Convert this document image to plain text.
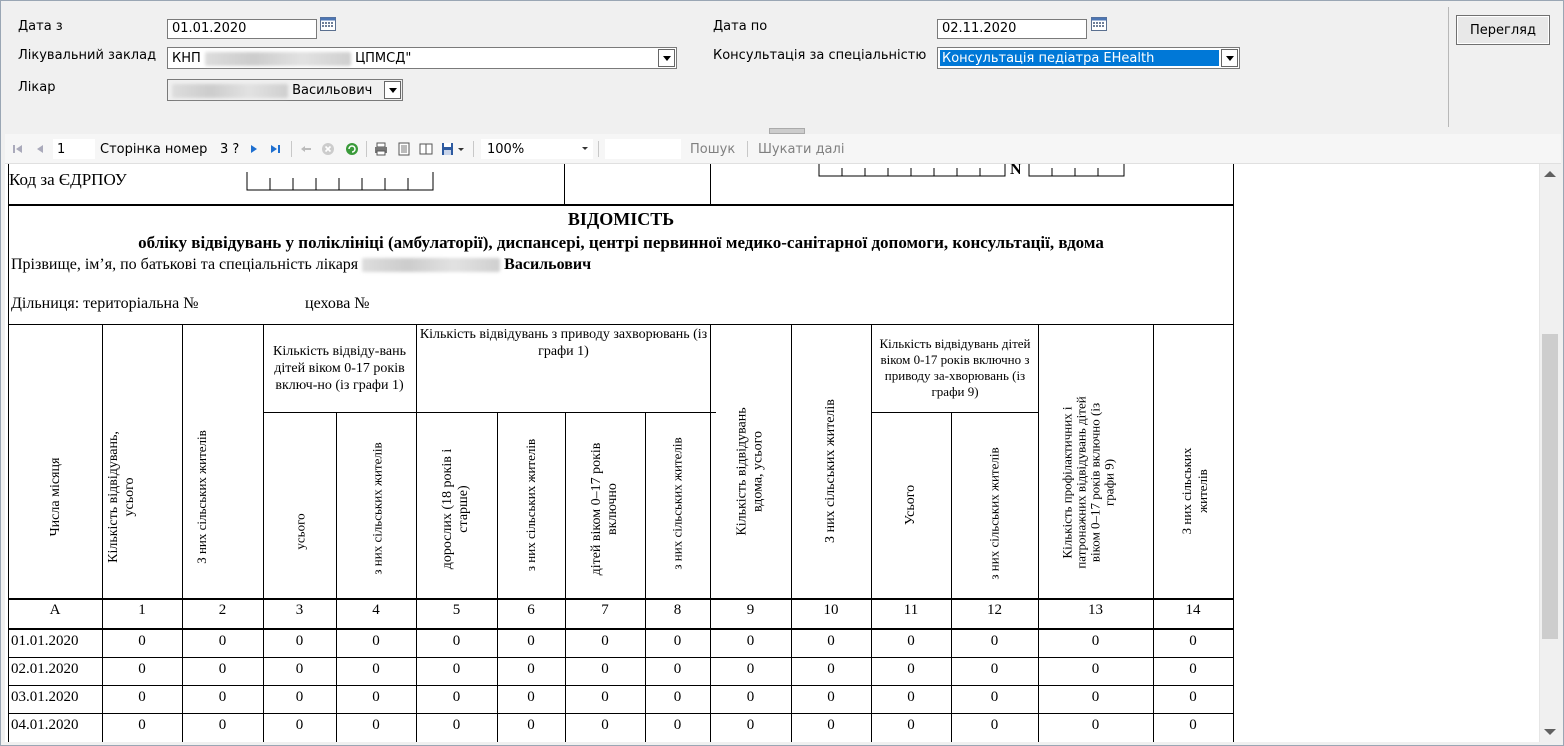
Дата з	01.01.2020	Дата по	02.11.2020
Лікувальний заклад КНП	ЦПМСД"	Консультація за спеціальністю Консультація педіатра EHealth
Лікар	Васильович
Перегляд
1	Сторінка номер 3 ?	100%	Пошук Шукати далі
Код за ЄДРПОУ
N
ВІДОМІСТЬ
обліку відвідувань у поліклініці (амбулаторії), диспансері, центрі первинної медико-санітарної допомоги, консультації, вдома
Прізвище, ім’я, по батькові та спеціальність лікаря	Васильович
Дільниця: територіальна №	цехова №
Кількість відвіду-вань дітей віком 0-17 років включ-но (із графи 1)
Кількість відвідувань з приводу захворювань (із графи 1)
Кількість відвідувань дітей віком 0-17 років включно з приводу за-хворювань (із графи 9)
Числа місяця	Кількість відвідувань, усього	З них сільських жителів	усього	з них сільських жителів	дорослих (18 років і старше)	з них сільських жителів	дітей віком 0–17 років включно	з них сільських жителів	Кількість відвідувань вдома, усього	З них сільських жителів	Усього	з них сільських жителів	Кількість профілактичних і патронажних відвідувань дітей віком 0–17 років включно (із графи 9)	З них сільських жителів
А	1	2	3	4	5	6	7	8	9	10	11	12	13	14
01.01.2020	0	0	0	0	0	0	0	0	0	0	0	0	0	0
02.01.2020	0	0	0	0	0	0	0	0	0	0	0	0	0	0
03.01.2020	0	0	0	0	0	0	0	0	0	0	0	0	0	0
04.01.2020	0	0	0	0	0	0	0	0	0	0	0	0	0	0
